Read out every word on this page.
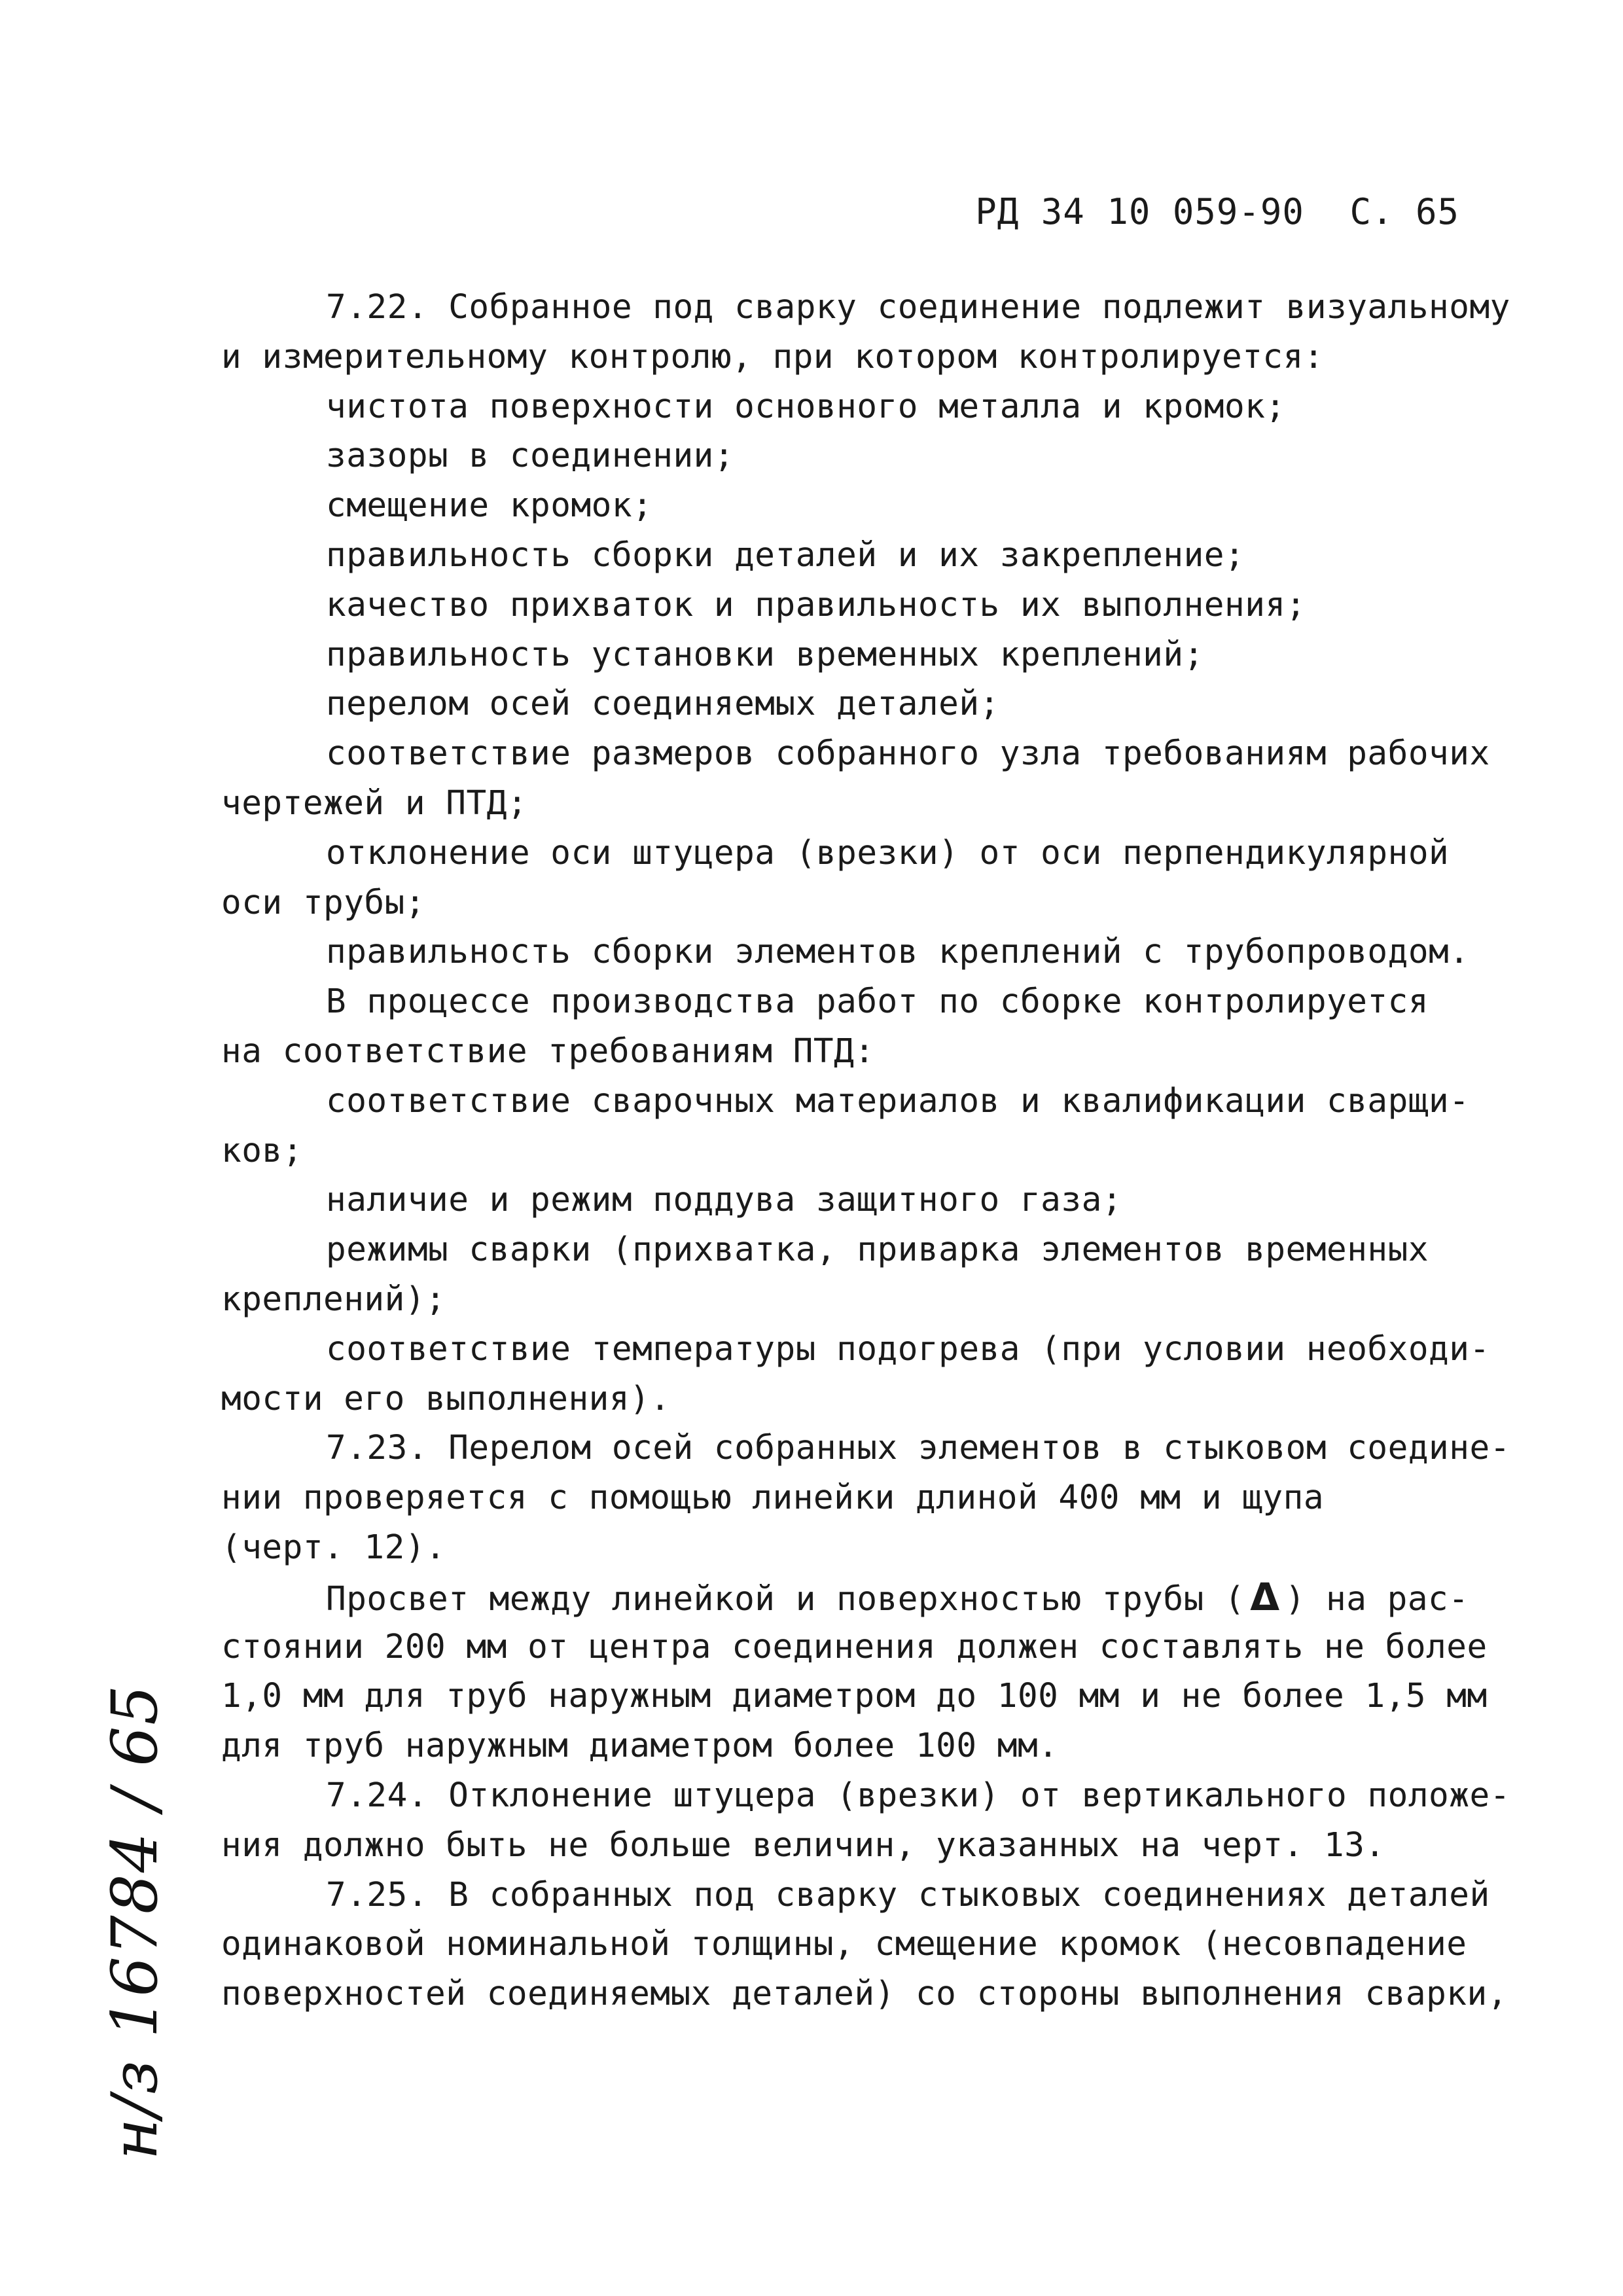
РД 34 10 059-90 С. 65
7.22. Собранное под сварку соединение подлежит визуальному
и измерительному контролю, при котором контролируется:
чистота поверхности основного металла и кромок;
зазоры в соединении;
смещение кромок;
правильность сборки деталей и их закрепление;
качество прихваток и правильность их выполнения;
правильность установки временных креплений;
перелом осей соединяемых деталей;
соответствие размеров собранного узла требованиям рабочих
чертежей и ПТД;
отклонение оси штуцера (врезки) от оси перпендикулярной
оси трубы;
правильность сборки элементов креплений с трубопроводом.
В процессе производства работ по сборке контролируется
на соответствие требованиям ПТД:
соответствие сварочных материалов и квалификации сварщи-
ков;
наличие и режим поддува защитного газа;
режимы сварки (прихватка, приварка элементов временных
креплений);
соответствие температуры подогрева (при условии необходи-
мости его выполнения).
7.23. Перелом осей собранных элементов в стыковом соедине-
нии проверяется с помощью линейки длиной 400 мм и щупа
(черт. 12).
Просвет между линейкой и поверхностью трубы ( Δ ) на рас-
стоянии 200 мм от центра соединения должен составлять не более
1,0 мм для труб наружным диаметром до 100 мм и не более 1,5 мм
для труб наружным диаметром более 100 мм.
7.24. Отклонение штуцера (врезки) от вертикального положе-
ния должно быть не больше величин, указанных на черт. 13.
7.25. В собранных под сварку стыковых соединениях деталей
одинаковой номинальной толщины, смещение кромок (несовпадение
поверхностей соединяемых деталей) со стороны выполнения сварки,
н/з 16784 / 65
